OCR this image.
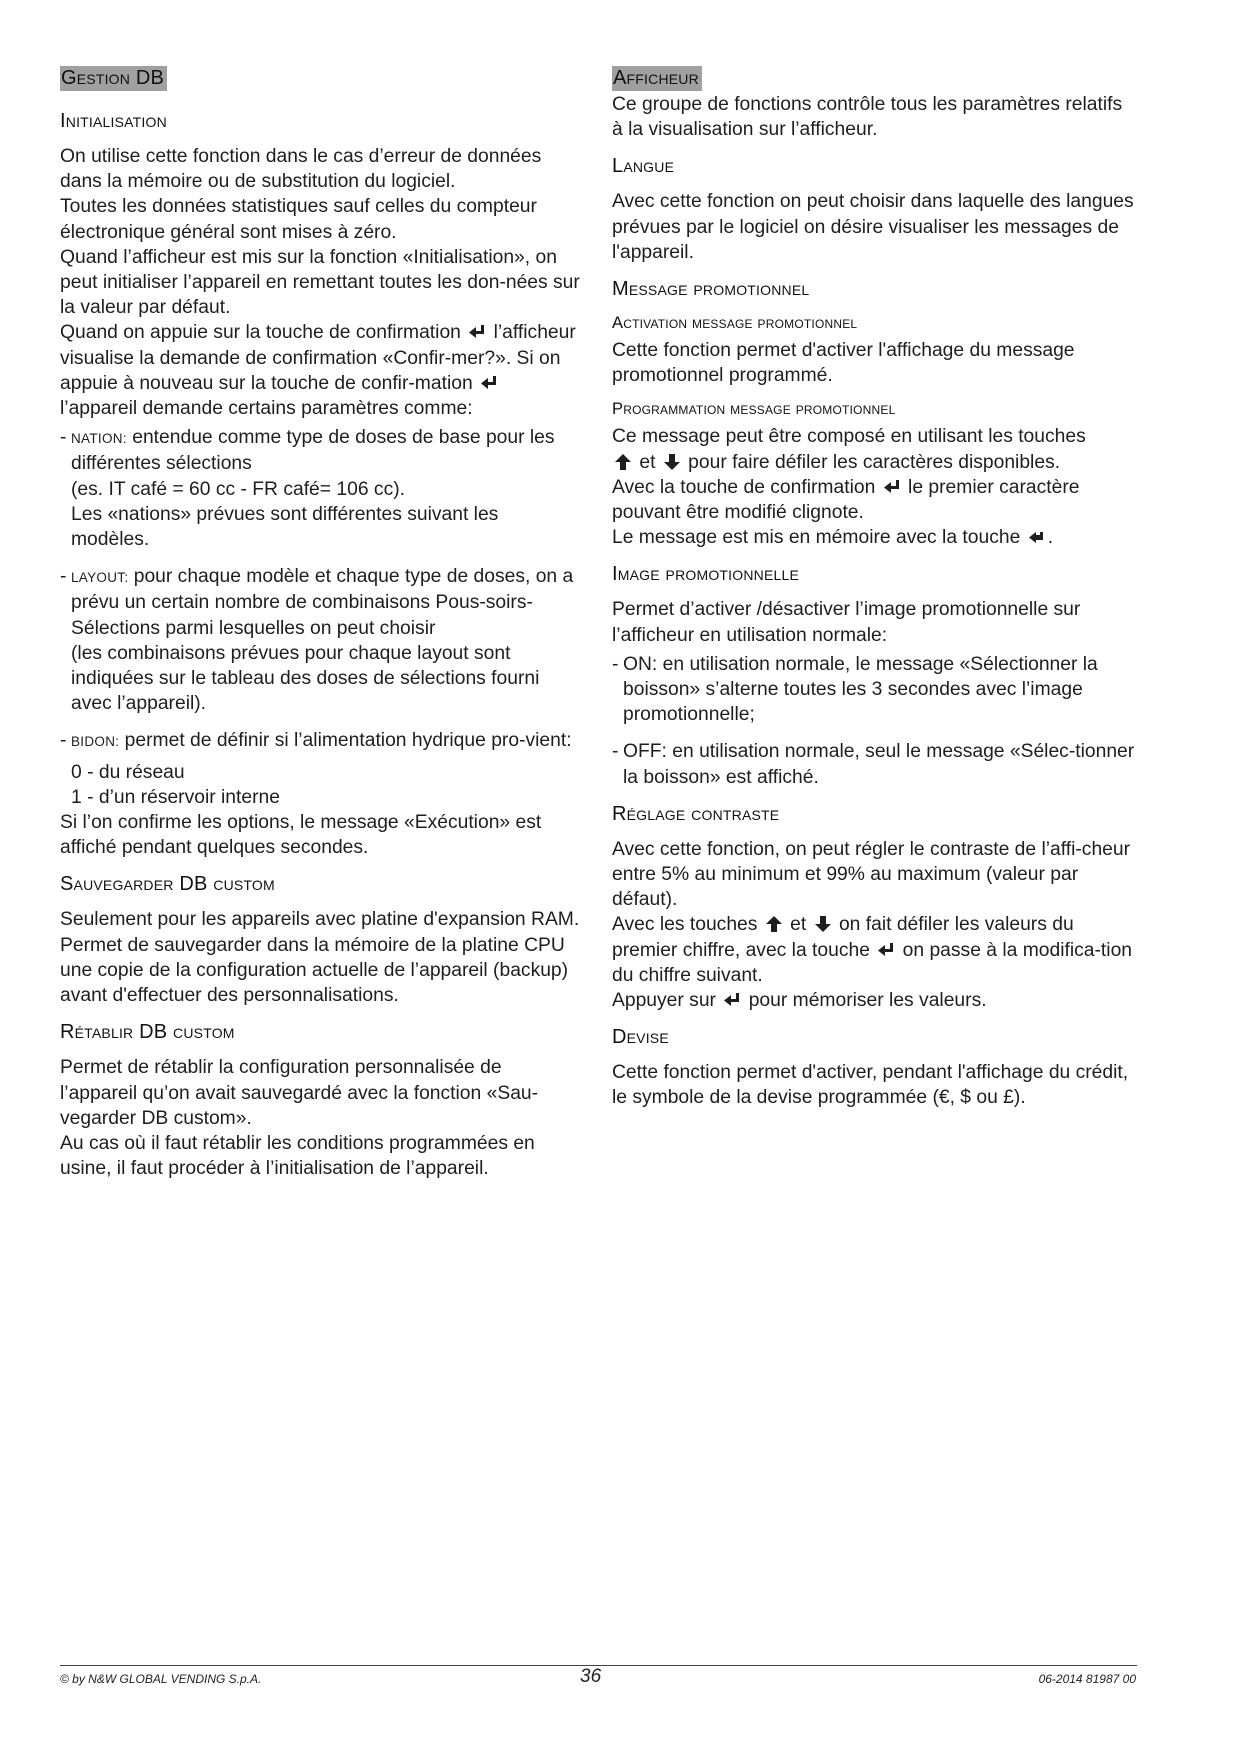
Gestion DB
Initialisation

On utilise cette fonction dans le cas d’erreur de données dans la mémoire ou de substitution du logiciel.

Toutes les données statistiques sauf celles du compteur électronique général sont mises à zéro.

Quand l’afficheur est mis sur la fonction «Initialisation», on peut initialiser l’appareil en remettant toutes les don-nées sur la valeur par défaut.

Quand on appuie sur la touche de confirmation l’afficheur visualise la demande de confirmation «Confir-mer?». Si on appuie à nouveau sur la touche de confir-mation
l’appareil demande certains paramètres comme:

- NATION: entendue comme type de doses de base pour les différentes sélections

(es. IT café = 60 cc - FR café= 106 cc).

Les «nations» prévues sont différentes suivant les modèles.

- LAYOUT: pour chaque modèle et chaque type de doses, on a prévu un certain nombre de combinaisons Pous-soirs-Sélections parmi lesquelles on peut choisir

(les combinaisons prévues pour chaque layout sont indiquées sur le tableau des doses de sélections fourni avec l’appareil).

- BIDON: permet de définir si l’alimentation hydrique pro-vient:

0 - du réseau

1 - d’un réservoir interne

Si l’on confirme les options, le message «Exécution» est affiché pendant quelques secondes.

Sauvegarder DB custom

Seulement pour les appareils avec platine d'expansion RAM.

Permet de sauvegarder dans la mémoire de la platine CPU une copie de la configuration actuelle de l’appareil (backup) avant d'effectuer des personnalisations.

Rétablir DB custom

Permet de rétablir la configuration personnalisée de l’appareil qu’on avait sauvegardé avec la fonction «Sau-vegarder DB custom».

Au cas où il faut rétablir les conditions programmées en usine, il faut procéder à l’initialisation de l’appareil.

Afficheur

Ce groupe de fonctions contrôle tous les paramètres relatifs à la visualisation sur l’afficheur.

Langue

Avec cette fonction on peut choisir dans laquelle des langues prévues par le logiciel on désire visualiser les messages de l'appareil.

Message promotionnel
Activation message promotionnel

Cette fonction permet d'activer l'affichage du message promotionnel programmé.

Programmation message promotionnel

Ce message peut être composé en utilisant les touches

et pour faire défiler les caractères disponibles.

Avec la touche de confirmation le premier caractère pouvant être modifié clignote.

Le message est mis en mémoire avec la touche .

Image promotionnelle

Permet d’activer /désactiver l’image promotionnelle sur l’afficheur en utilisation normale:

- ON: en utilisation normale, le message «Sélectionner la boisson» s’alterne toutes les 3 secondes avec l’image promotionnelle;

- OFF: en utilisation normale, seul le message «Sélec-tionner la boisson» est affiché.

Réglage contraste

Avec cette fonction, on peut régler le contraste de l’affi-cheur entre 5% au minimum et 99% au maximum (valeur par défaut).

Avec les touches et on fait défiler les valeurs du premier chiffre, avec la touche on passe à la modifica-tion du chiffre suivant.

Appuyer sur pour mémoriser les valeurs.

Devise

Cette fonction permet d'activer, pendant l'affichage du crédit, le symbole de la devise programmée (€, $ ou £).

© by N&W GLOBAL VENDING S.p.A.	36	06-2014 81987 00
